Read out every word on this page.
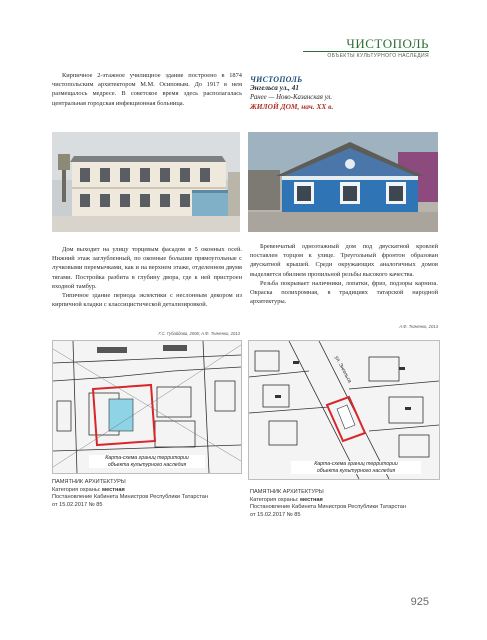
ЧИСТОПОЛЬ
ОБЪЕКТЫ КУЛЬТУРНОГО НАСЛЕДИЯ

Кирпичное 2-этажное училищное здание построено в 1874 чистопольским архитектором М.М. Осиповым. До 1917 в нем размещалось медресе. В советское время здесь располагалась центральная городская инфекционная больница.

ЧИСТОПОЛЬ
Энгельса ул., 41
Ранее — Ново-Казанская ул.
ЖИЛОЙ ДОМ, нач. XX в.

Дом выходит на улицу торцевым фасадом в 5 оконных осей. Нижний этаж заглубленный, по оконные большие прямоугольные с лучковыми перемычками, как и на верхнем этаже, отделенном двумя тягами. Постройка разбита в глубину двора, где к ней пристроен входной тамбур.

Типичное здание периода эклектики с неслонным декором из кирпичной кладки с классицистической детализировкой.

Г.С. Губайдова, 2006; А.Ф. Ткаченко, 2013

Бревенчатый одноэтажный дом под двускатной кровлей поставлен торцом к улице. Треугольный фронтон образован двускатной крышей. Среди окружающих аналогичных домов выделяется обилием пропильной резьбы высокого качества.

Резьба покрывает наличники, лопатки, фриз, подзоры карниза. Окраска полихромная, в традициях татарской народной архитектуры.

А.Ф. Ткаченко, 2013
Карта-схема границ территории
объекта культурного наследия
ул. Энгельса
Карта-схема границ территории
объекта культурного наследия
ПАМЯТНИК АРХИТЕКТУРЫ
Категория охраны: местная
Постановление Кабинета Министров Республики Татарстан
от 15.02.2017 № 85
ПАМЯТНИК АРХИТЕКТУРЫ
Категория охраны: местная
Постановление Кабинета Министров Республики Татарстан
от 15.02.2017 № 85
925
